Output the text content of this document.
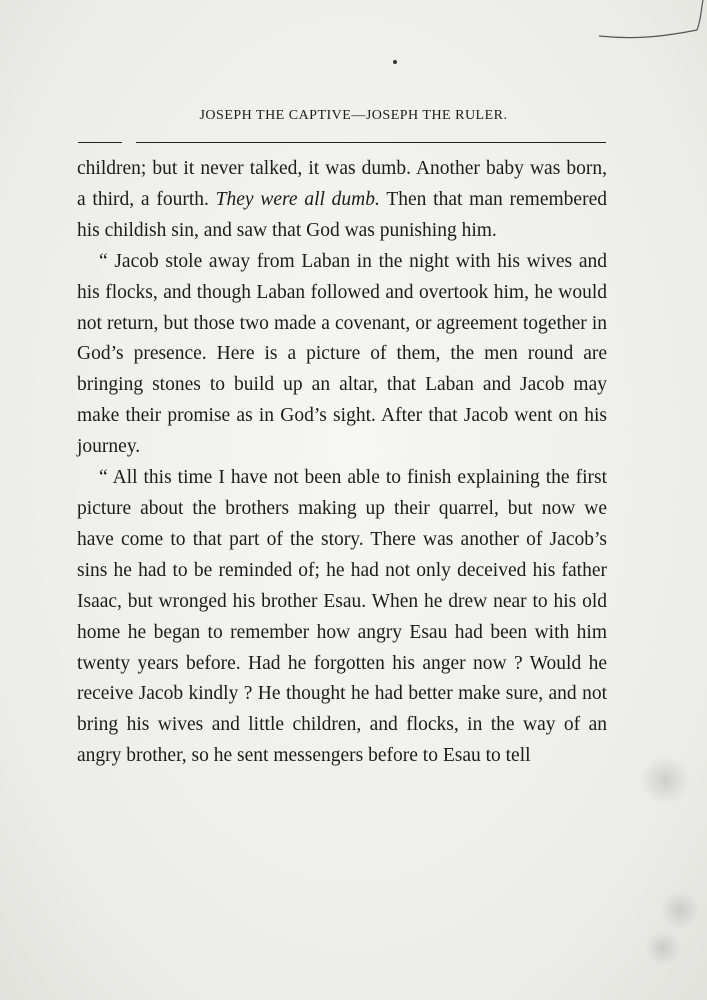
JOSEPH THE CAPTIVE—JOSEPH THE RULER.

children; but it never talked, it was dumb. Another baby was born, a third, a fourth. They were all dumb. Then that man remembered his childish sin, and saw that God was punishing him.

“ Jacob stole away from Laban in the night with his wives and his flocks, and though Laban followed and overtook him, he would not return, but those two made a covenant, or agreement together in God’s presence. Here is a picture of them, the men round are bringing stones to build up an altar, that Laban and Jacob may make their promise as in God’s sight. After that Jacob went on his journey.

“ All this time I have not been able to finish explaining the first picture about the brothers making up their quarrel, but now we have come to that part of the story. There was another of Jacob’s sins he had to be reminded of; he had not only deceived his father Isaac, but wronged his brother Esau. When he drew near to his old home he began to remember how angry Esau had been with him twenty years before. Had he forgotten his anger now ? Would he receive Jacob kindly ? He thought he had better make sure, and not bring his wives and little children, and flocks, in the way of an angry brother, so he sent messengers before to Esau to tell
